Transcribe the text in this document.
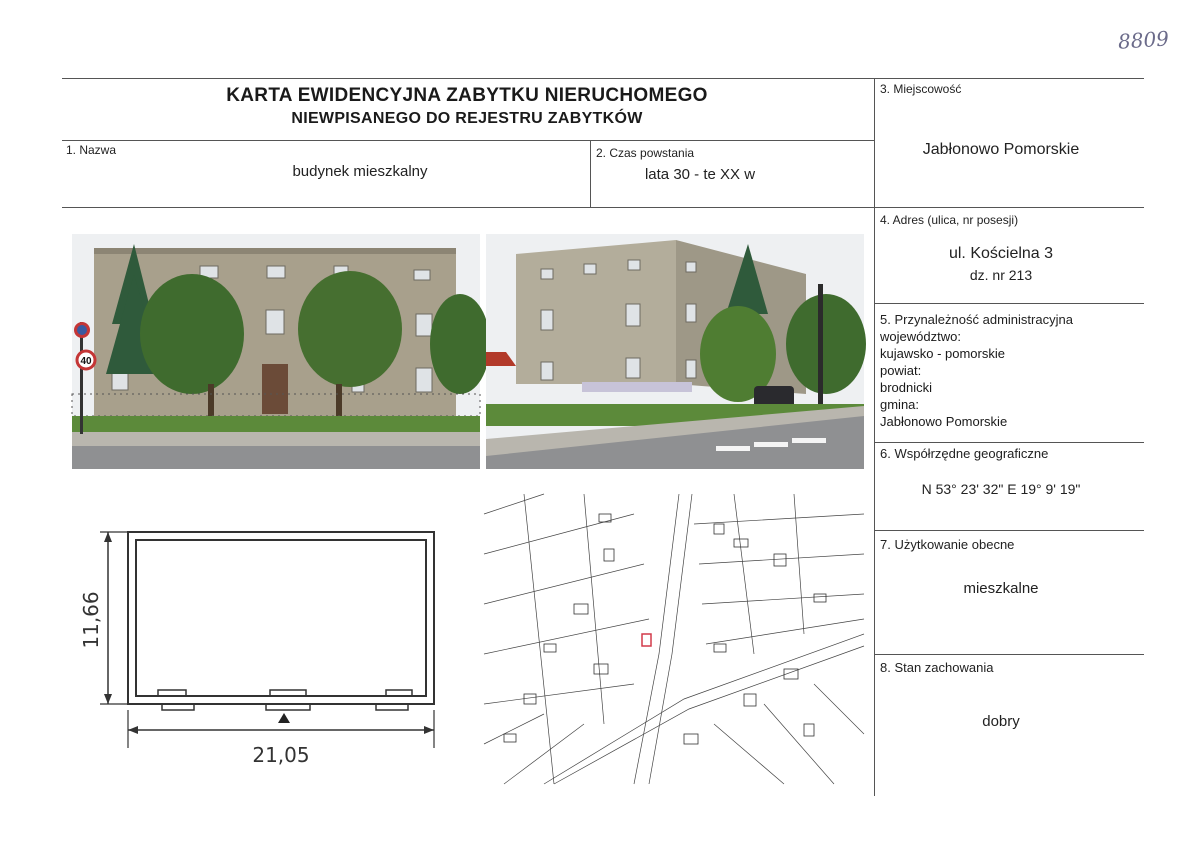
8809
KARTA EWIDENCYJNA ZABYTKU NIERUCHOMEGO
NIEWPISANEGO DO REJESTRU ZABYTKÓW
1. Nazwa
budynek mieszkalny
2. Czas powstania
lata 30 - te XX w
3. Miejscowość
Jabłonowo Pomorskie
4. Adres (ulica, nr posesji)
ul. Kościelna 3
dz. nr 213
5. Przynależność administracyjna
województwo:
kujawsko - pomorskie
powiat:
brodnicki
gmina:
Jabłonowo Pomorskie
6. Współrzędne geograficzne
N 53° 23' 32" E 19° 9' 19"
7. Użytkowanie obecne
mieszkalne
8. Stan zachowania
dobry
40
21,05
11,66
